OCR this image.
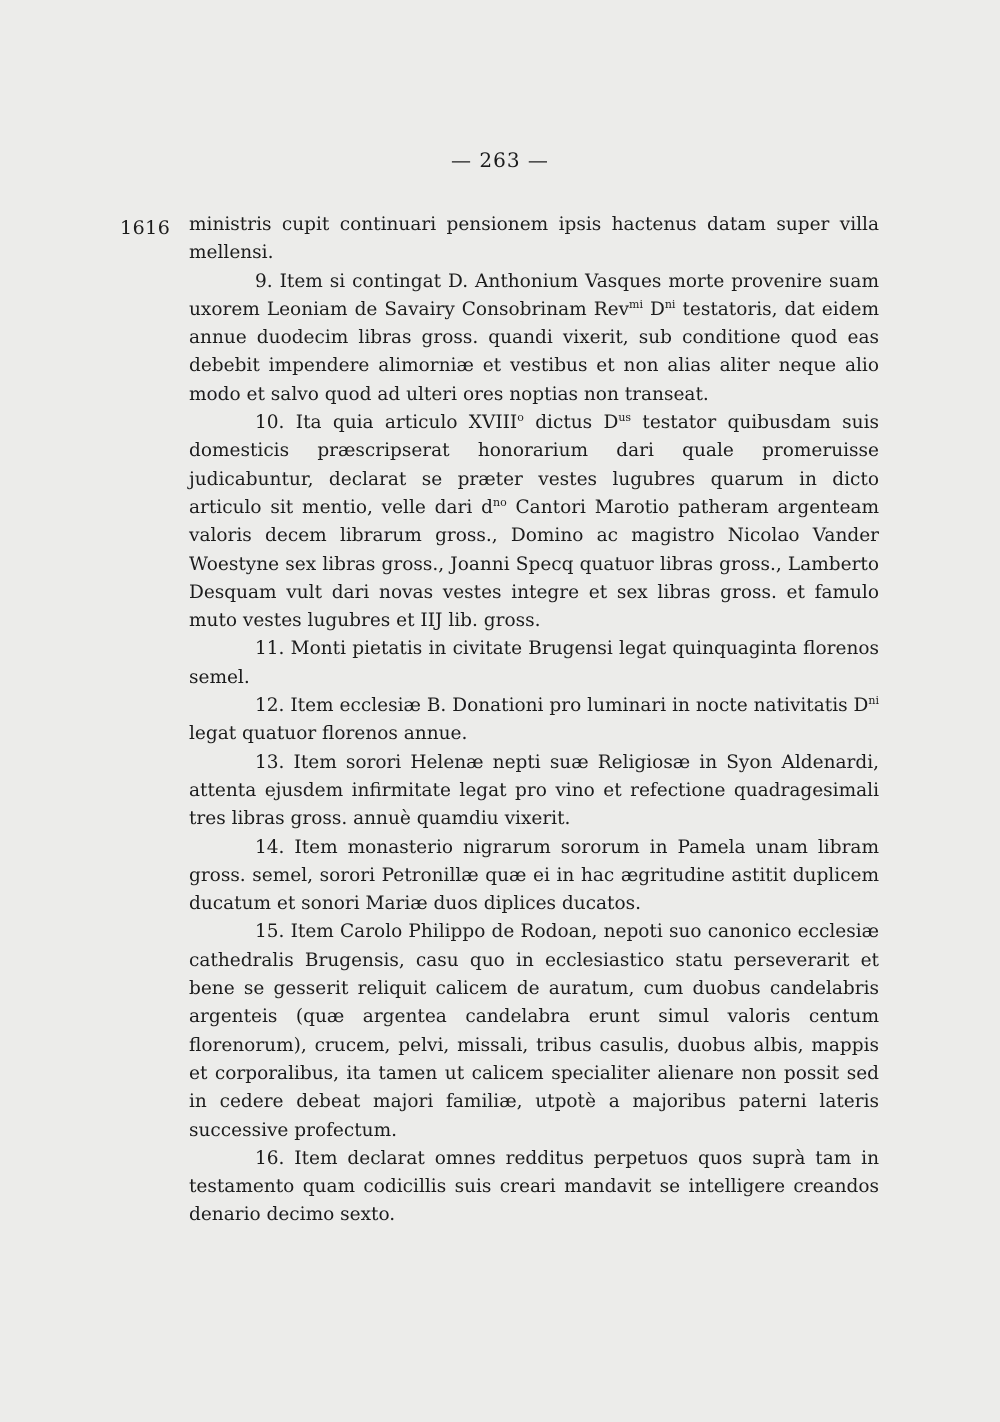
— 263 —
1616 ministris cupit continuari pensionem ipsis hactenus datam super villa mellensi.

9. Item si contingat D. Anthonium Vasques morte provenire suam uxorem Leoniam de Savairy Consobrinam Rev$^{mi}$ $D^{ni}$ testatoris, dat eidem annue duodecim libras gross. quandi vixerit, sub conditione quod eas debebit impendere alimorniæ et vestibus et non alias aliter neque alio modo et salvo quod ad ulteri ores noptias non transeat.

10. Ita quia articulo XVIII$^o$ dictus $D^{us}$ testator quibusdam suis domesticis præscripserat honorarium dari quale promeruisse judicabuntur, declarat se præter vestes lugubres quarum in dicto articulo sit mentio, velle dari $d^{no}$ Cantori Marotio patheram argenteam valoris decem librarum gross., Domino ac magistro Nicolao Vander Woestyne sex libras gross., Joanni Specq quatuor libras gross., Lamberto Desquam vult dari novas vestes integre et sex libras gross. et famulo muto vestes lugubres et IIJ lib. gross.

11. Monti pietatis in civitate Brugensi legat quinquaginta florenos semel.

12. Item ecclesiæ B. Donationi pro luminari in nocte nativitatis $D^{ni}$ legat quatuor florenos annue.

13. Item sorori Helenæ nepti suæ Religiosæ in Syon Aldenardi, attenta ejusdem infirmitate legat pro vino et refectione quadragesimali tres libras gross. annuè quamdiu vixerit.

14. Item monasterio nigrarum sororum in Pamela unam libram gross. semel, sorori Petronillæ quæ ei in hac ægritudine astitit duplicem ducatum et sonori Mariæ duos diplices ducatos.

15. Item Carolo Philippo de Rodoan, nepoti suo canonico ecclesiæ cathedralis Brugensis, casu quo in ecclesiastico statu perseverarit et bene se gesserit reliquit calicem de auratum, cum duobus candelabris argenteis (quæ argentea candelabra erunt simul valoris centum florenorum), crucem, pelvi, missali, tribus casulis, duobus albis, mappis et corporalibus, ita tamen ut calicem specialiter alienare non possit sed in cedere debeat majori familiæ, utpotè a majoribus paterni lateris successive profectum.

16. Item declarat omnes redditus perpetuos quos suprà tam in testamento quam codicillis suis creari mandavit se intelligere creandos denario decimo sexto.
